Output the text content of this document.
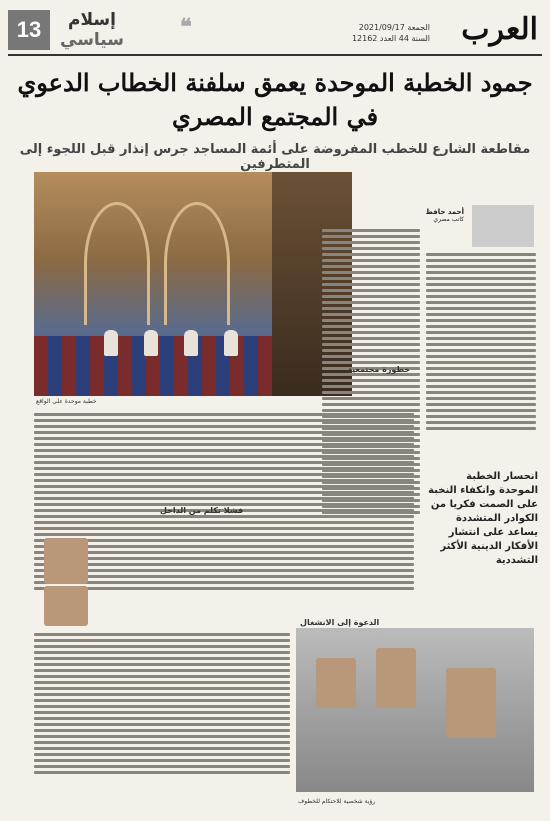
العرب
الجمعة 2021/09/17
السنة 44 العدد 12162
13	إسلام
سياسي	❝
جمود الخطبة الموحدة يعمق سلفنة الخطاب الدعوي في المجتمع المصري
مقاطعة الشارع للخطب المفروضة على أئمة المساجد جرس إنذار قبل اللجوء إلى المتطرفين
خطبة موحدة على الواقع
أحمد حافظ
كاتب مصري
خطورة مجتمعية
انحسار الخطبة الموحدة وانكفاء النخبة على الصمت فكريا من الكوادر المتشددة يساعد على انتشار الأفكار الدينية الأكثر التشددية
فشلا تكلم من الداخل
الدعوة إلى الانشغال
رؤية شخصية للاحتكام للخطوف
